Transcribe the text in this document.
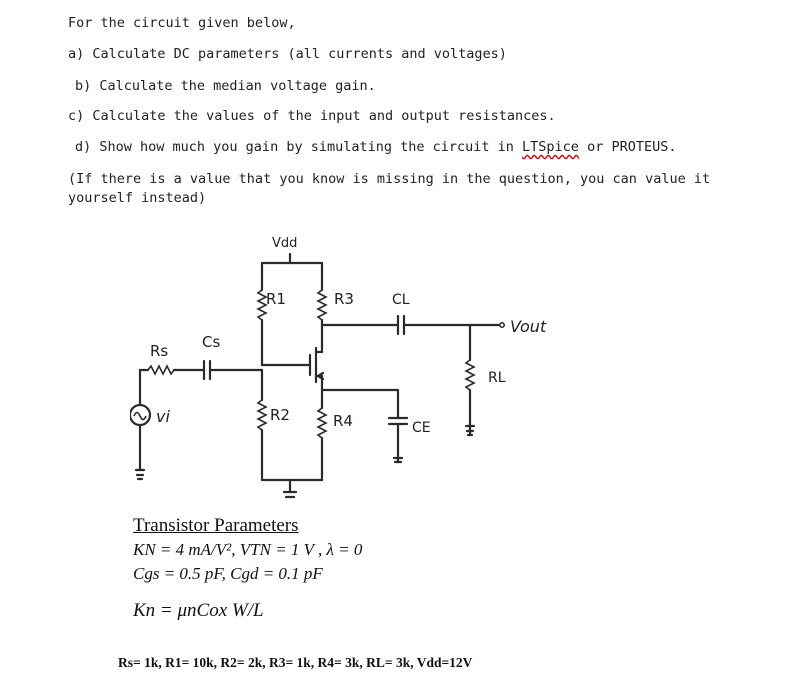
For the circuit given below,
a) Calculate DC parameters (all currents and voltages)
b) Calculate the median voltage gain.
c) Calculate the values of the input and output resistances.
d) Show how much you gain by simulating the circuit in LTSpice or PROTEUS.
(If there is a value that you know is missing in the question, you can value it
yourself instead)
Vdd
R1	R3	CL
Vout
RL
Rs Cs
vi	R2	R4	CE
Transistor Parameters
KN = 4 mA/V², VTN = 1 V , λ = 0
Cgs = 0.5 pF, Cgd = 0.1 pF
Kn = μnCox W/L
Rs= 1k, R1= 10k, R2= 2k, R3= 1k, R4= 3k, RL= 3k, Vdd=12V
